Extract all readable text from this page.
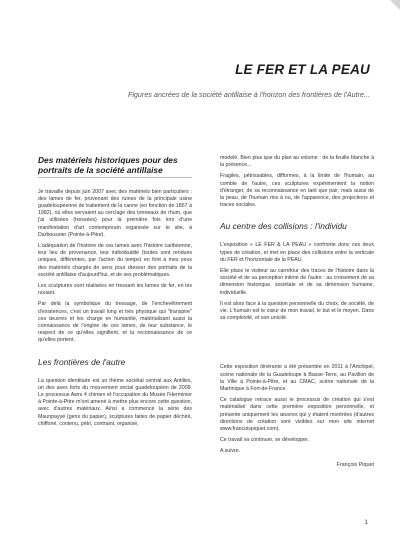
LE FER ET LA PEAU

Figures ancrées de la société antillaise à l'horizon des frontières de l'Autre...

Des matériels historiques pour des portraits de la société antillaise

Je travaille depuis juin 2007 avec des matériels bien particuliers : des lames de fer, provenant des ruines de la principale usine guadeloupéenne de traitement de la canne (en fonction de 1867 à 1982), où elles servaient au cerclage des tonneaux de rhum, que j'ai utilisées (tressées) pour la première fois lors d'une manifestation d'art contemporain organisée sur le site, à Darboussier (Pointe-à-Pitre).

L'adéquation de l'histoire de ces lames avec l'histoire caribéenne, leur lieu de provenance, leur individualité (toutes sont rendues uniques, différentes, par l'action du temps) en font à mes yeux des matériels chargés de sens pour dresser des portraits de la société antillaise d'aujourd'hui, et de ses problématiques.

Les sculptures sont réalisées en tressant les lames de fer, en les nouant.

Par delà la symbolique du tressage, de l'enchevêtrement d'existences, c'est un travail long et très physique qui "transpire" ces œuvres et les charge en humanité, matérialisant aussi la connaissance de l'origine de ces lames, de leur substance, le respect de ce qu'elles signifient, et la reconnaissance de ce qu'elles portent.

Les frontières de l'autre

La question identitaire est un thème sociétal central aux Antilles, un des axes forts du mouvement social guadeloupéen de 2009. Le processus Awrs 4 chimen et l'occupation du Musée l'Herminier à Pointe-à-Pitre m'ont amené à mettre plus encore cette question, avec d'autres matériaux. Ainsi a commencé la série des Maunpayyé (gens du papier), sculptures faites de papier déchiré, chiffoné, contenu, pétri, contraint, organisé,

modelé. Bien plus que du plan au volume : de la feuille blanche à la présence...

Fragiles, pétrissables, difformes, à la limite de l'humain, au comble de l'autre, ces sculptures expérimentent la notion d'étranger, de sa reconnaissance en tant que pair, mais aussi de la peau, de l'humain mis à nu, de l'apparence, des projections et traces sociales.

Au centre des collisions : l'individu

L'exposition « LE FER & LA PEAU » confronte donc ces deux types de création, et met en place des collisions entre la verticale du FER et l'horizontale de la PEAU.

Elle place le visiteur au carrefour des traces de l'histoire dans la société et de sa perception intime de l'autre : au croisement de sa dimension historique, sociétale et de sa dimension humaine, individuelle.

Il est alors face à la question personnelle du choix, de société, de vie. L'humain est le cœur de mon travail, le but et le moyen. Dans sa complexité, et son unicité.

Cette exposition itinérante a été présentée en 2011 à l'Artchipel, scène nationale de la Guadeloupe à Basse-Terre, au Pavillon de la Ville à Pointe-à-Pitre, et au CMAC, scène nationale de la Martinique à Fort-de-France.

Ce catalogue retrace aussi le processus de création qui s'est matérialisé dans cette première exposition personnelle, et présente uniquement les œuvres qui y étaient montrées (d'autres directions de création sont visibles sur mon site internet www.francoispiquet.com).

Ce travail va continuer, se développer.

A suivre.

François Piquet
1
